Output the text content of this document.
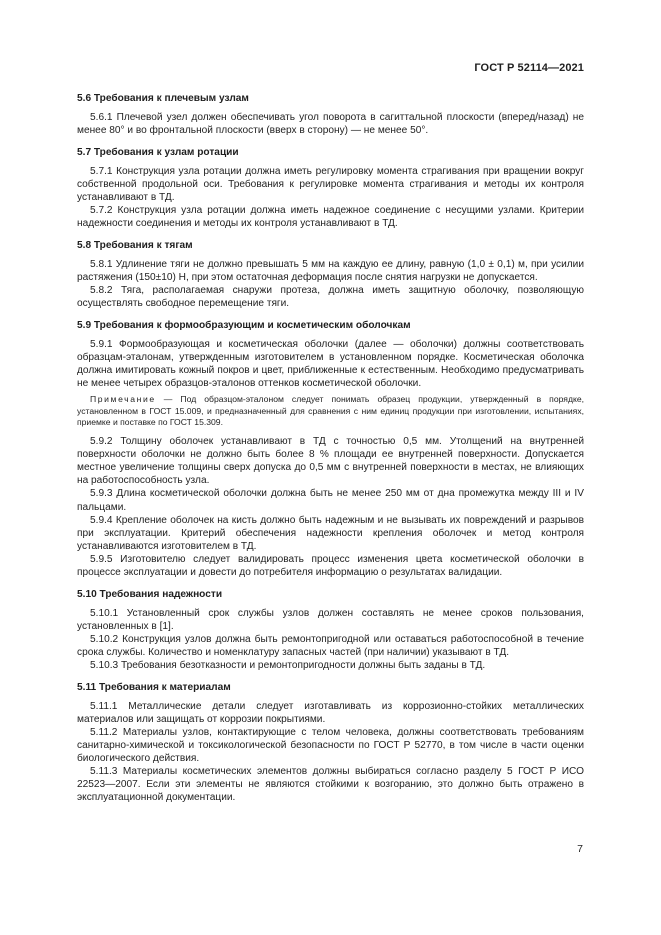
ГОСТ Р 52114—2021
5.6 Требования к плечевым узлам

5.6.1 Плечевой узел должен обеспечивать угол поворота в сагиттальной плоскости (вперед/назад) не менее 80° и во фронтальной плоскости (вверх в сторону) — не менее 50°.

5.7 Требования к узлам ротации

5.7.1 Конструкция узла ротации должна иметь регулировку момента страгивания при вращении вокруг собственной продольной оси. Требования к регулировке момента страгивания и методы их контроля устанавливают в ТД.

5.7.2 Конструкция узла ротации должна иметь надежное соединение с несущими узлами. Критерии надежности соединения и методы их контроля устанавливают в ТД.

5.8 Требования к тягам

5.8.1 Удлинение тяги не должно превышать 5 мм на каждую ее длину, равную (1,0 ± 0,1) м, при усилии растяжения (150±10) Н, при этом остаточная деформация после снятия нагрузки не допускается.

5.8.2 Тяга, располагаемая снаружи протеза, должна иметь защитную оболочку, позволяющую осуществлять свободное перемещение тяги.

5.9 Требования к формообразующим и косметическим оболочкам

5.9.1 Формообразующая и косметическая оболочки (далее — оболочки) должны соответствовать образцам-эталонам, утвержденным изготовителем в установленном порядке. Косметическая оболочка должна имитировать кожный покров и цвет, приближенные к естественным. Необходимо предусматривать не менее четырех образцов-эталонов оттенков косметической оболочки.

Примечание — Под образцом-эталоном следует понимать образец продукции, утвержденный в порядке, установленном в ГОСТ 15.009, и предназначенный для сравнения с ним единиц продукции при изготовлении, испытаниях, приемке и поставке по ГОСТ 15.309.

5.9.2 Толщину оболочек устанавливают в ТД с точностью 0,5 мм. Утолщений на внутренней поверхности оболочки не должно быть более 8 % площади ее внутренней поверхности. Допускается местное увеличение толщины сверх допуска до 0,5 мм с внутренней поверхности в местах, не влияющих на работоспособность узла.

5.9.3 Длина косметической оболочки должна быть не менее 250 мм от дна промежутка между III и IV пальцами.

5.9.4 Крепление оболочек на кисть должно быть надежным и не вызывать их повреждений и разрывов при эксплуатации. Критерий обеспечения надежности крепления оболочек и метод контроля устанавливаются изготовителем в ТД.

5.9.5 Изготовителю следует валидировать процесс изменения цвета косметической оболочки в процессе эксплуатации и довести до потребителя информацию о результатах валидации.

5.10 Требования надежности

5.10.1 Установленный срок службы узлов должен составлять не менее сроков пользования, установленных в [1].

5.10.2 Конструкция узлов должна быть ремонтопригодной или оставаться работоспособной в течение срока службы. Количество и номенклатуру запасных частей (при наличии) указывают в ТД.

5.10.3 Требования безотказности и ремонтопригодности должны быть заданы в ТД.

5.11 Требования к материалам

5.11.1 Металлические детали следует изготавливать из коррозионно-стойких металлических материалов или защищать от коррозии покрытиями.

5.11.2 Материалы узлов, контактирующие с телом человека, должны соответствовать требованиям санитарно-химической и токсикологической безопасности по ГОСТ Р 52770, в том числе в части оценки биологического действия.

5.11.3 Материалы косметических элементов должны выбираться согласно разделу 5 ГОСТ Р ИСО 22523—2007. Если эти элементы не являются стойкими к возгоранию, это должно быть отражено в эксплуатационной документации.

7
